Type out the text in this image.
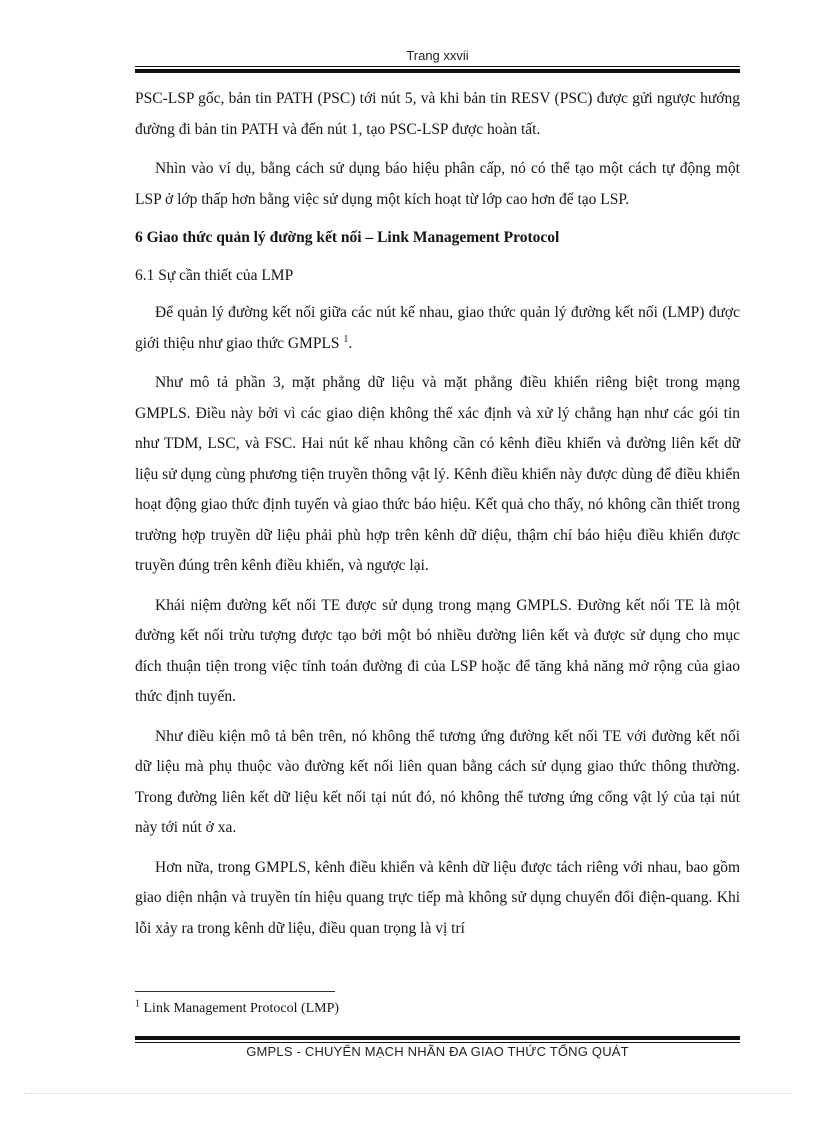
Trang xxvii

PSC-LSP gốc, bản tin PATH (PSC) tới nút 5, và khi bản tin RESV (PSC) được gửi ngược hướng đường đi bản tin PATH và đến nút 1, tạo PSC-LSP được hoàn tất.

Nhìn vào ví dụ, bằng cách sử dụng báo hiệu phân cấp, nó có thể tạo một cách tự động một LSP ở lớp thấp hơn bằng việc sử dụng một kích hoạt từ lớp cao hơn để tạo LSP.

6 Giao thức quản lý đường kết nối – Link Management Protocol
6.1 Sự cần thiết của LMP

Để quản lý đường kết nối giữa các nút kế nhau, giao thức quản lý đường kết nối (LMP) được giới thiệu như giao thức GMPLS $^1$.

Như mô tả phần 3, mặt phẳng dữ liệu và mặt phẳng điều khiển riêng biệt trong mạng GMPLS. Điều này bởi vì các giao diện không thể xác định và xử lý chẳng hạn như các gói tin như TDM, LSC, và FSC. Hai nút kế nhau không cần có kênh điều khiển và đường liên kết dữ liệu sử dụng cùng phương tiện truyền thông vật lý. Kênh điều khiển này được dùng để điều khiển hoạt động giao thức định tuyến và giao thức báo hiệu. Kết quả cho thấy, nó không cần thiết trong trường hợp truyền dữ liệu phải phù hợp trên kênh dữ diệu, thậm chí báo hiệu điều khiển được truyền đúng trên kênh điều khiển, và ngược lại.

Khái niệm đường kết nối TE được sử dụng trong mạng GMPLS. Đường kết nối TE là một đường kết nối trừu tượng được tạo bởi một bó nhiều đường liên kết và được sử dụng cho mục đích thuận tiện trong việc tính toán đường đi của LSP hoặc để tăng khả năng mở rộng của giao thức định tuyến.

Như điều kiện mô tả bên trên, nó không thể tương ứng đường kết nối TE với đường kết nối dữ liệu mà phụ thuộc vào đường kết nối liên quan bằng cách sử dụng giao thức thông thường. Trong đường liên kết dữ liệu kết nối tại nút đó, nó không thể tương ứng cổng vật lý của tại nút này tới nút ở xa.

Hơn nữa, trong GMPLS, kênh điều khiển và kênh dữ liệu được tách riêng với nhau, bao gồm giao diện nhận và truyền tín hiệu quang trực tiếp mà không sử dụng chuyển đổi điện-quang. Khi lỗi xảy ra trong kênh dữ liệu, điều quan trọng là vị trí

$^1$ Link Management Protocol (LMP)
GMPLS - CHUYỂN MẠCH NHÃN ĐA GIAO THỨC TỔNG QUÁT
